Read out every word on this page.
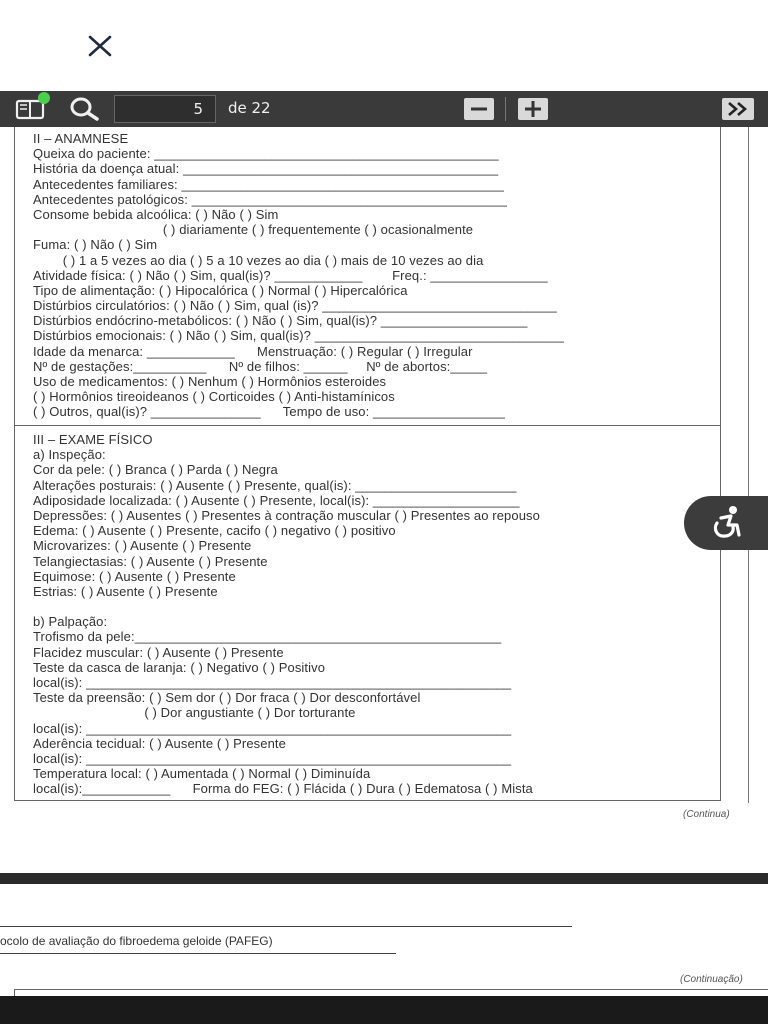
5	de 22
II – ANAMNESE
Queixa do paciente: _______________________________________________
História da doença atual: ___________________________________________
Antecedentes familiares: ____________________________________________
Antecedentes patológicos: ___________________________________________
Consome bebida alcoólica: ( ) Não ( ) Sim
( ) diariamente ( ) frequentemente ( ) ocasionalmente
Fuma: ( ) Não ( ) Sim
( ) 1 a 5 vezes ao dia ( ) 5 a 10 vezes ao dia ( ) mais de 10 vezes ao dia
Atividade física: ( ) Não ( ) Sim, qual(is)? ____________        Freq.: ________________
Tipo de alimentação: ( ) Hipocalórica ( ) Normal ( ) Hipercalórica
Distúrbios circulatórios: ( ) Não ( ) Sim, qual (is)? ________________________________
Distúrbios endócrino-metabólicos: ( ) Não ( ) Sim, qual(is)? ____________________
Distúrbios emocionais: ( ) Não ( ) Sim, qual(is)? __________________________________
Idade da menarca: ____________      Menstruação: ( ) Regular ( ) Irregular
Nº de gestações:__________      Nº de filhos: ______     Nº de abortos:_____
Uso de medicamentos: ( ) Nenhum ( ) Hormônios esteroides
( ) Hormônios tireoideanos ( ) Corticoides ( ) Anti-histamínicos
( ) Outros, qual(is)? _______________      Tempo de uso: __________________
III – EXAME FÍSICO
a) Inspeção:
Cor da pele: ( ) Branca ( ) Parda ( ) Negra
Alterações posturais: ( ) Ausente ( ) Presente, qual(is): ______________________
Adiposidade localizada: ( ) Ausente ( ) Presente, local(is): ____________________
Depressões: ( ) Ausentes ( ) Presentes à contração muscular ( ) Presentes ao repouso
Edema: ( ) Ausente ( ) Presente, cacifo ( ) negativo ( ) positivo
Microvarizes: ( ) Ausente ( ) Presente
Telangiectasias: ( ) Ausente ( ) Presente
Equimose: ( ) Ausente ( ) Presente
Estrias: ( ) Ausente ( ) Presente
b) Palpação:
Trofismo da pele:__________________________________________________
Flacidez muscular: ( ) Ausente ( ) Presente
Teste da casca de laranja: ( ) Negativo ( ) Positivo
local(is): __________________________________________________________
Teste da preensão: ( ) Sem dor ( ) Dor fraca ( ) Dor desconfortável
( ) Dor angustiante ( ) Dor torturante
local(is): __________________________________________________________
Aderência tecidual: ( ) Ausente ( ) Presente
local(is): __________________________________________________________
Temperatura local: ( ) Aumentada ( ) Normal ( ) Diminuída
local(is):____________      Forma do FEG: ( ) Flácida ( ) Dura ( ) Edematosa ( ) Mista
(Continua)
ocolo de avaliação do fibroedema geloide (PAFEG)
(Continuação)
